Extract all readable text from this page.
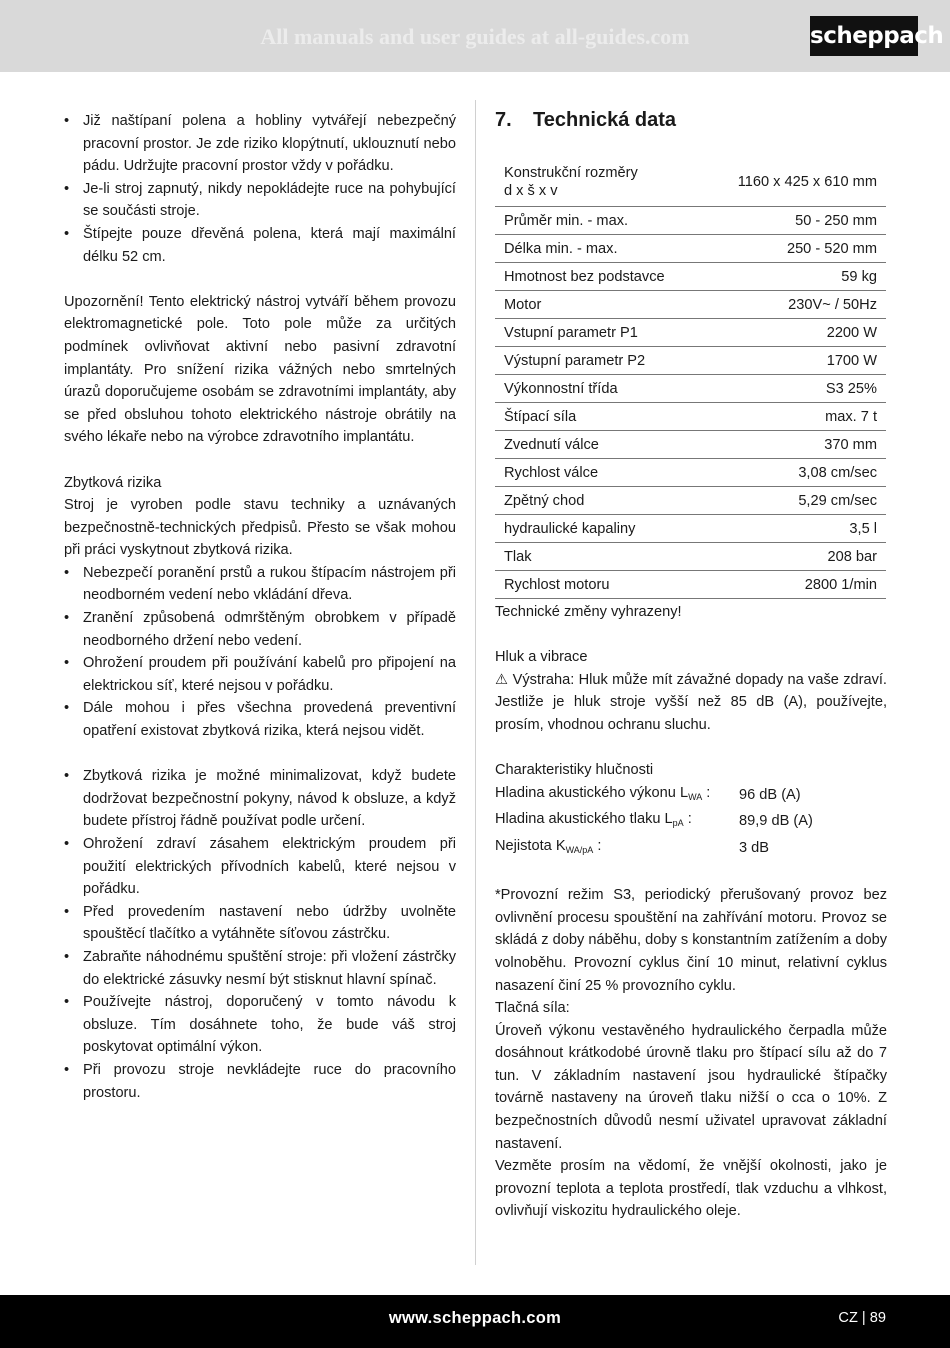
All manuals and user guides at all-guides.com	scheppach
• Již naštípaní polena a hobliny vytvářejí nebezpečný pracovní prostor. Je zde riziko klopýtnutí, uklouznutí nebo pádu. Udržujte pracovní prostor vždy v pořádku.
• Je-li stroj zapnutý, nikdy nepokládejte ruce na pohybující se součásti stroje.
• Štípejte pouze dřevěná polena, která mají maximální délku 52 cm.

Upozornění! Tento elektrický nástroj vytváří během provozu elektromagnetické pole. Toto pole může za určitých podmínek ovlivňovat aktivní nebo pasivní zdravotní implantáty. Pro snížení rizika vážných nebo smrtelných úrazů doporučujeme osobám se zdravotními implantáty, aby se před obsluhou tohoto elektrického nástroje obrátily na svého lékaře nebo na výrobce zdravotního implantátu.

Zbytková rizika

Stroj je vyroben podle stavu techniky a uznávaných bezpečnostně-technických předpisů. Přesto se však mohou při práci vyskytnout zbytková rizika.

• Nebezpečí poranění prstů a rukou štípacím nástrojem při neodborném vedení nebo vkládání dřeva.
• Zranění způsobená odmrštěným obrobkem v případě neodborného držení nebo vedení.
• Ohrožení proudem při používání kabelů pro připojení na elektrickou síť, které nejsou v pořádku.
• Dále mohou i přes všechna provedená preventivní opatření existovat zbytková rizika, která nejsou vidět.
• Zbytková rizika je možné minimalizovat, když budete dodržovat bezpečnostní pokyny, návod k obsluze, a když budete přístroj řádně používat podle určení.
• Ohrožení zdraví zásahem elektrickým proudem při použití elektrických přívodních kabelů, které nejsou v pořádku.
• Před provedením nastavení nebo údržby uvolněte spouštěcí tlačítko a vytáhněte síťovou zástrčku.
• Zabraňte náhodnému spuštění stroje: při vložení zástrčky do elektrické zásuvky nesmí být stisknut hlavní spínač.
• Používejte nástroj, doporučený v tomto návodu k obsluze. Tím dosáhnete toho, že bude váš stroj poskytovat optimální výkon.
• Při provozu stroje nevkládejte ruce do pracovního prostoru.
7. Technická data
Konstrukční rozměry
d x š x v	1160 x 425 x 610 mm
Průměr min. - max.	50 - 250 mm
Délka min. - max.	250 - 520 mm
Hmotnost bez podstavce	59 kg
Motor	230V~ / 50Hz
Vstupní parametr P1	2200 W
Výstupní parametr P2	1700 W
Výkonnostní třída	S3 25%
Štípací síla	max. 7 t
Zvednutí válce	370 mm
Rychlost válce	3,08 cm/sec
Zpětný chod	5,29 cm/sec
hydraulické kapaliny	3,5 l
Tlak	208 bar
Rychlost motoru	2800 1/min

Technické změny vyhrazeny!

Hluk a vibrace

⚠ Výstraha: Hluk může mít závažné dopady na vaše zdraví. Jestliže je hluk stroje vyšší než 85 dB (A), používejte, prosím, vhodnou ochranu sluchu.

Charakteristiky hlučnosti

Hladina akustického výkonu $L_{WA}$ :	96 dB (A)
Hladina akustického tlaku $L_{pA}$ :	89,9 dB (A)
Nejistota $K_{WA/pA}$ :	3 dB

*Provozní režim S3, periodický přerušovaný provoz bez ovlivnění procesu spouštění na zahřívání motoru. Provoz se skládá z doby náběhu, doby s konstantním zatížením a doby volnoběhu. Provozní cyklus činí 10 minut, relativní cyklus nasazení činí 25 % provozního cyklu.

Tlačná síla:

Úroveň výkonu vestavěného hydraulického čerpadla může dosáhnout krátkodobé úrovně tlaku pro štípací sílu až do 7 tun. V základním nastavení jsou hydraulické štípačky továrně nastaveny na úroveň tlaku nižší o cca o 10%. Z bezpečnostních důvodů nesmí uživatel upravovat základní nastavení.

Vezměte prosím na vědomí, že vnější okolnosti, jako je provozní teplota a teplota prostředí, tlak vzduchu a vlhkost, ovlivňují viskozitu hydraulického oleje.

www.scheppach.com	CZ | 89
